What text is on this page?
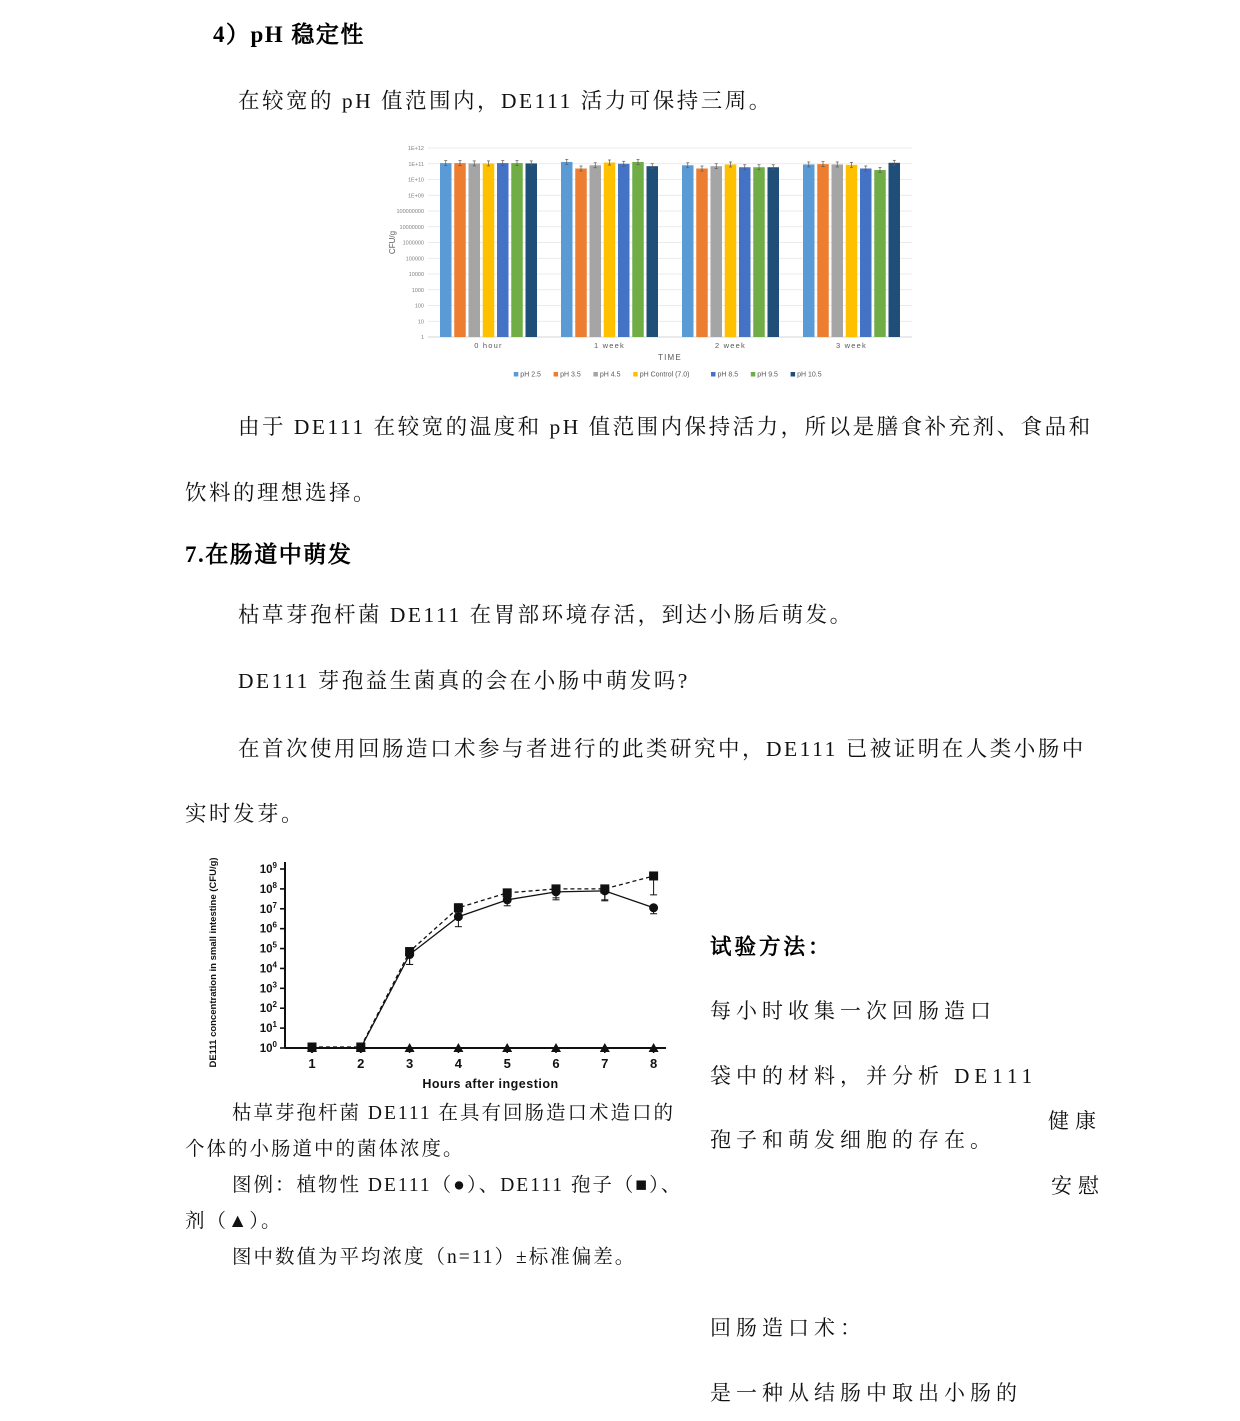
4）pH 稳定性
在较宽的 pH 值范围内，DE111 活力可保持三周。
1
10
100
1000
10000
100000
1000000
10000000
100000000
1E+09
1E+10
1E+11
1E+12
0 hour	1 week	2 week	3 week
TIME
CFU/g
pH 2.5	pH 3.5	pH 4.5	pH Control (7.0)	pH 8.5	pH 9.5	pH 10.5
由于 DE111 在较宽的温度和 pH 值范围内保持活力，所以是膳食补充剂、食品和
饮料的理想选择。
7.在肠道中萌发
枯草芽孢杆菌 DE111 在胃部环境存活，到达小肠后萌发。
DE111 芽孢益生菌真的会在小肠中萌发吗?
在首次使用回肠造口术参与者进行的此类研究中，DE111 已被证明在人类小肠中
实时发芽。
$10^0$
$10^1$
$10^2$
$10^3$
$10^4$
$10^5$
$10^6$
$10^7$
$10^8$
$10^9$
1	2	3	4	5	6	7	8
Hours after ingestion
DE111 concentration in small intestine (CFU/g)
枯草芽孢杆菌 DE111 在具有回肠造口术造口的
个体的小肠道中的菌体浓度。
图例：植物性 DE111（●）、DE111 孢子（■）、
剂（▲）。
图中数值为平均浓度（n=11）±标准偏差。
试验方法：
每小时收集一次回肠造口
袋中的材料，并分析 DE111
孢子和萌发细胞的存在。
健康
安慰
回肠造口术：
是一种从结肠中取出小肠的
